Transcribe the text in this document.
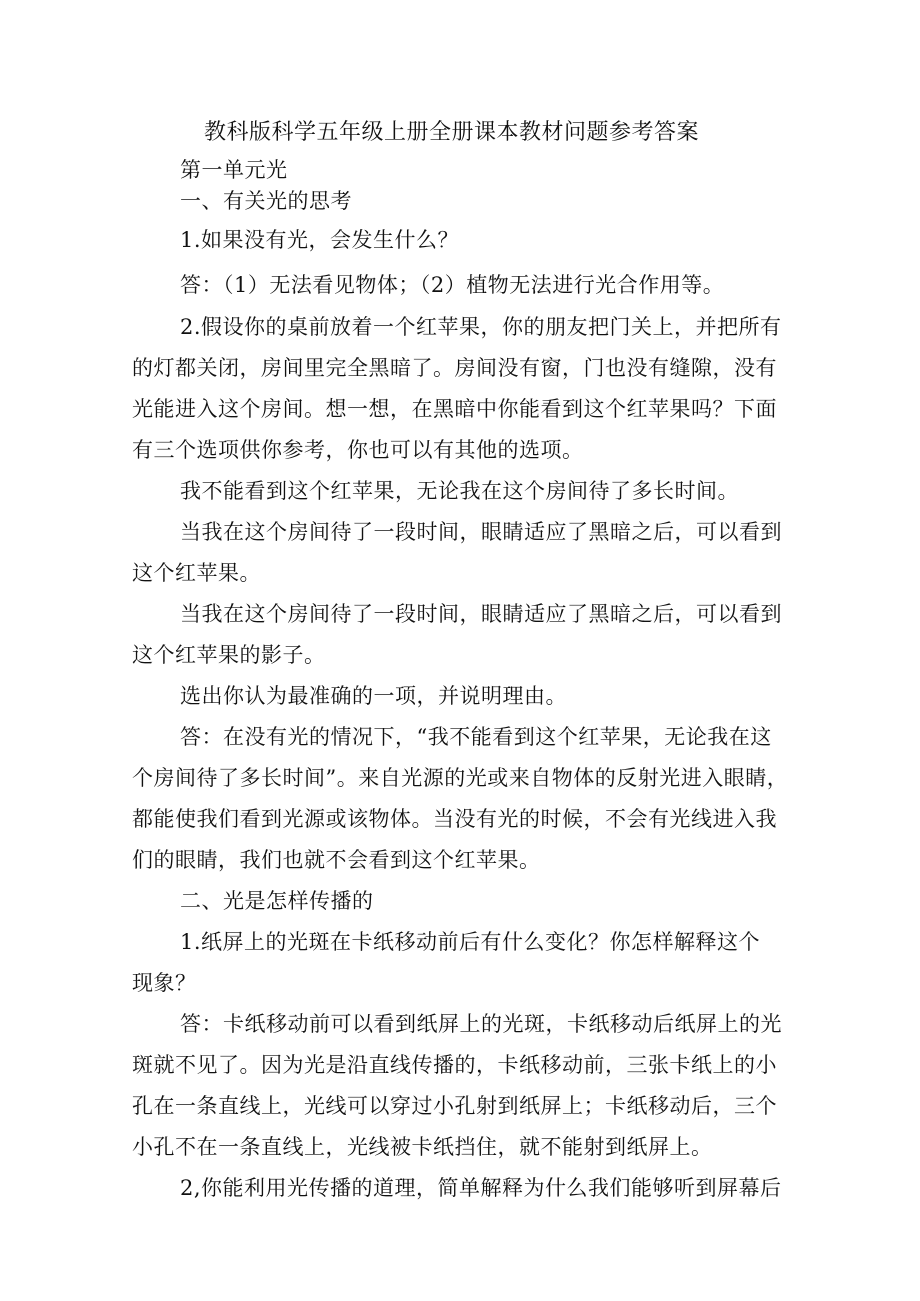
教科版科学五年级上册全册课本教材问题参考答案
第一单元光
一、有关光的思考
1.如果没有光，会发生什么？
答：（1）无法看见物体；（2）植物无法进行光合作用等。
2.假设你的桌前放着一个红苹果，你的朋友把门关上，并把所有
的灯都关闭，房间里完全黑暗了。房间没有窗，门也没有缝隙，没有
光能进入这个房间。想一想，在黑暗中你能看到这个红苹果吗？下面
有三个选项供你参考，你也可以有其他的选项。
我不能看到这个红苹果，无论我在这个房间待了多长时间。
当我在这个房间待了一段时间，眼睛适应了黑暗之后，可以看到
这个红苹果。
当我在这个房间待了一段时间，眼睛适应了黑暗之后，可以看到
这个红苹果的影子。
选出你认为最准确的一项，并说明理由。
答：在没有光的情况下，“我不能看到这个红苹果，无论我在这
个房间待了多长时间”。来自光源的光或来自物体的反射光进入眼睛，
都能使我们看到光源或该物体。当没有光的时候，不会有光线进入我
们的眼睛，我们也就不会看到这个红苹果。
二、光是怎样传播的
1.纸屏上的光斑在卡纸移动前后有什么变化？你怎样解释这个
现象？
答：卡纸移动前可以看到纸屏上的光斑，卡纸移动后纸屏上的光
斑就不见了。因为光是沿直线传播的，卡纸移动前，三张卡纸上的小
孔在一条直线上，光线可以穿过小孔射到纸屏上；卡纸移动后，三个
小孔不在一条直线上，光线被卡纸挡住，就不能射到纸屏上。
2,你能利用光传播的道理，简单解释为什么我们能够听到屏幕后
